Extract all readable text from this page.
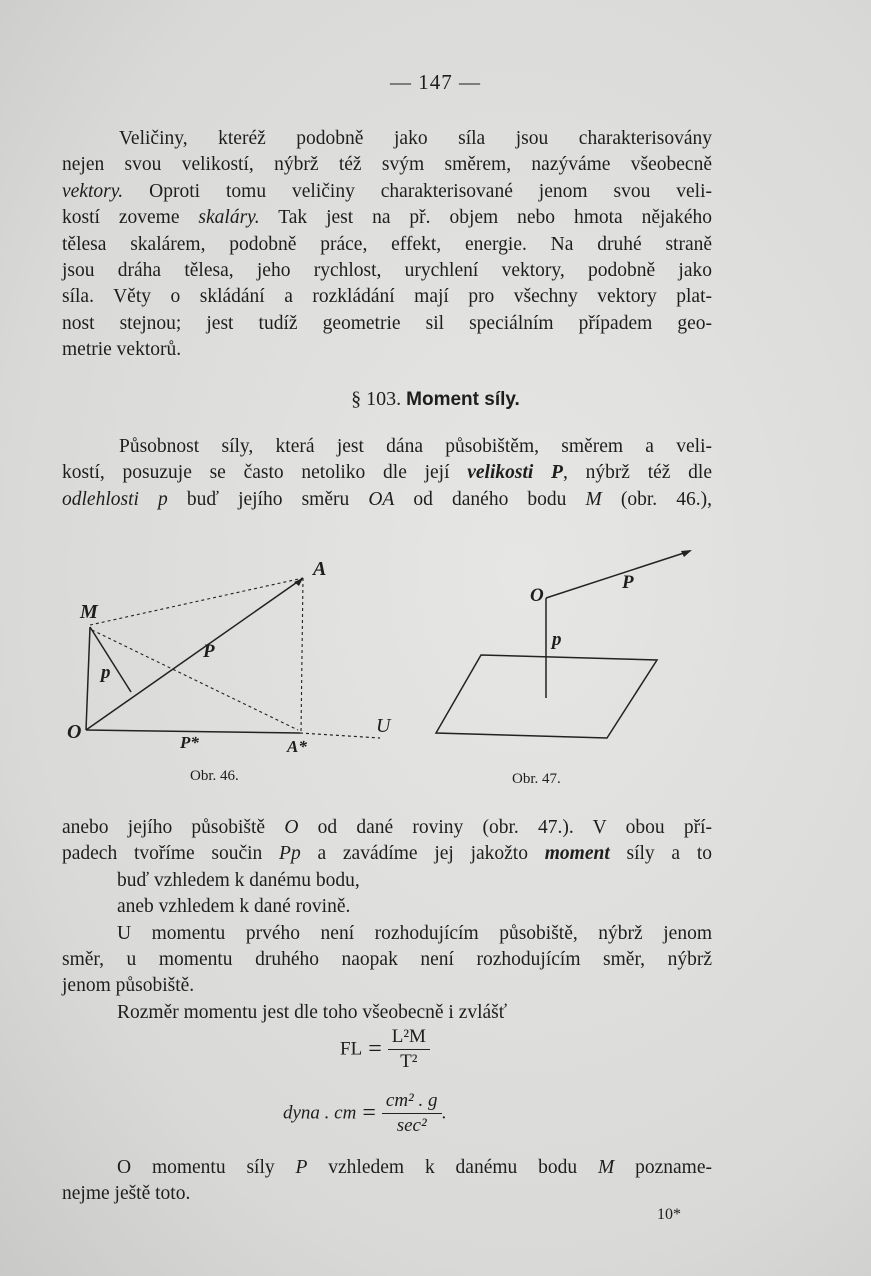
— 147 —
Veličiny, kteréž podobně jako síla jsou charakterisovány
nejen svou velikostí, nýbrž též svým směrem, nazýváme všeobecně
vektory. Oproti tomu veličiny charakterisované jenom svou veli-
kostí zoveme skaláry. Tak jest na př. objem nebo hmota nějakého
tělesa skalárem, podobně práce, effekt, energie. Na druhé straně
jsou dráha tělesa, jeho rychlost, urychlení vektory, podobně jako
síla. Věty o skládání a rozkládání mají pro všechny vektory plat-
nost stejnou; jest tudíž geometrie sil speciálním případem geo-
metrie vektorů.
§ 103. Moment síly.
Působnost síly, která jest dána působištěm, směrem a veli-
kostí, posuzuje se často netoliko dle její velikosti P, nýbrž též dle
odlehlosti p buď jejího směru OA od daného bodu M (obr. 46.),
A
M
P
p
O	P*	A*
U
Obr. 46.
O
P
p
Obr. 47.
anebo jejího působiště O od dané roviny (obr. 47.). V obou pří-
padech tvoříme součin Pp a zavádíme jej jakožto moment síly a to
buď vzhledem k danému bodu,
aneb vzhledem k dané rovině.
U momentu prvého není rozhodujícím působiště, nýbrž jenom
směr, u momentu druhého naopak není rozhodujícím směr, nýbrž
jenom působiště.
Rozměr momentu jest dle toho všeobecně i zvlášť
FL = $\frac{\text{L²M}}{\text{T²}}$
dyna . cm = $\frac{\text{cm² . g}}{\text{sec²}}$ .
O momentu síly P vzhledem k danému bodu M pozname-
nejme ještě toto.
10*
